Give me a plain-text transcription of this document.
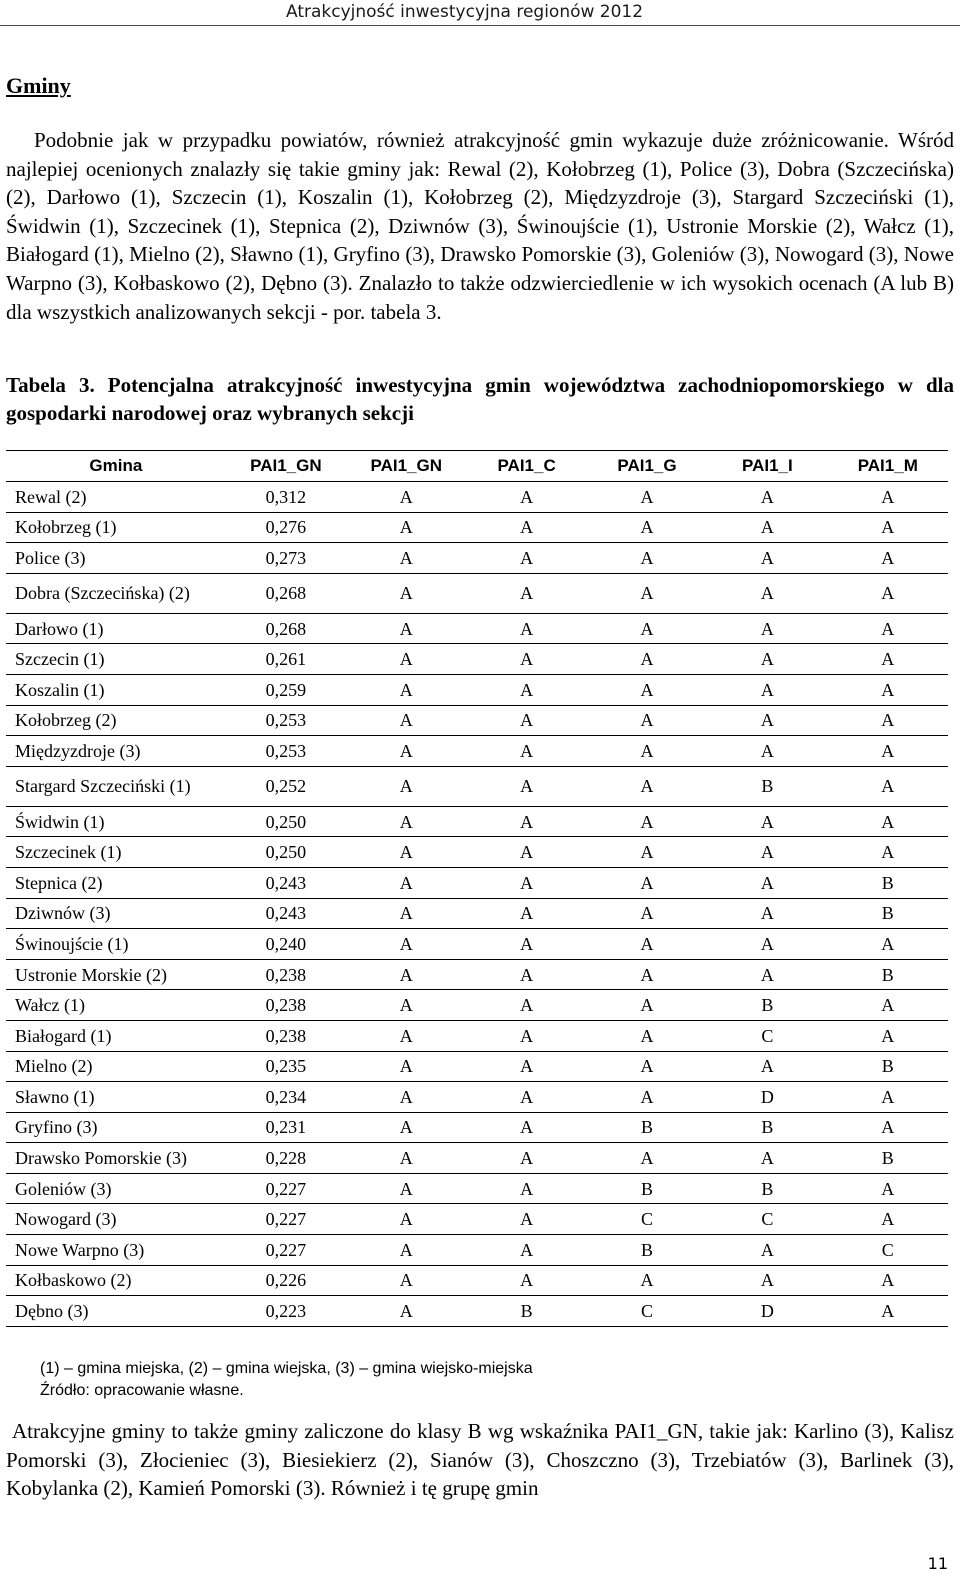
Atrakcyjność inwestycyjna regionów 2012
Gminy

Podobnie jak w przypadku powiatów, również atrakcyjność gmin wykazuje duże zróżnicowanie. Wśród najlepiej ocenionych znalazły się takie gminy jak: Rewal (2), Kołobrzeg (1), Police (3), Dobra (Szczecińska) (2), Darłowo (1), Szczecin (1), Koszalin (1), Kołobrzeg (2), Międzyzdroje (3), Stargard Szczeciński (1), Świdwin (1), Szczecinek (1), Stepnica (2), Dziwnów (3), Świnoujście (1), Ustronie Morskie (2), Wałcz (1), Białogard (1), Mielno (2), Sławno (1), Gryfino (3), Drawsko Pomorskie (3), Goleniów (3), Nowogard (3), Nowe Warpno (3), Kołbaskowo (2), Dębno (3). Znalazło to także odzwierciedlenie w ich wysokich ocenach (A lub B) dla wszystkich analizowanych sekcji - por. tabela 3.

Tabela 3. Potencjalna atrakcyjność inwestycyjna gmin województwa zachodniopomorskiego w dla gospodarki narodowej oraz wybranych sekcji

Gmina	PAI1_GN	PAI1_GN	PAI1_C	PAI1_G	PAI1_I	PAI1_M
Rewal (2)	0,312	A	A	A	A	A
Kołobrzeg (1)	0,276	A	A	A	A	A
Police (3)	0,273	A	A	A	A	A
Dobra (Szczecińska) (2)	0,268	A	A	A	A	A
Darłowo (1)	0,268	A	A	A	A	A
Szczecin (1)	0,261	A	A	A	A	A
Koszalin (1)	0,259	A	A	A	A	A
Kołobrzeg (2)	0,253	A	A	A	A	A
Międzyzdroje (3)	0,253	A	A	A	A	A
Stargard Szczeciński (1)	0,252	A	A	A	B	A
Świdwin (1)	0,250	A	A	A	A	A
Szczecinek (1)	0,250	A	A	A	A	A
Stepnica (2)	0,243	A	A	A	A	B
Dziwnów (3)	0,243	A	A	A	A	B
Świnoujście (1)	0,240	A	A	A	A	A
Ustronie Morskie (2)	0,238	A	A	A	A	B
Wałcz (1)	0,238	A	A	A	B	A
Białogard (1)	0,238	A	A	A	C	A
Mielno (2)	0,235	A	A	A	A	B
Sławno (1)	0,234	A	A	A	D	A
Gryfino (3)	0,231	A	A	B	B	A
Drawsko Pomorskie (3)	0,228	A	A	A	A	B
Goleniów (3)	0,227	A	A	B	B	A
Nowogard (3)	0,227	A	A	C	C	A
Nowe Warpno (3)	0,227	A	A	B	A	C
Kołbaskowo (2)	0,226	A	A	A	A	A
Dębno (3)	0,223	A	B	C	D	A

(1) – gmina miejska, (2) – gmina wiejska, (3) – gmina wiejsko-miejska
Źródło: opracowanie własne.

Atrakcyjne gminy to także gminy zaliczone do klasy B wg wskaźnika PAI1_GN, takie jak: Karlino (3), Kalisz Pomorski (3), Złocieniec (3), Biesiekierz (2), Sianów (3), Choszczno (3), Trzebiatów (3), Barlinek (3), Kobylanka (2), Kamień Pomorski (3). Również i tę grupę gmin

11
